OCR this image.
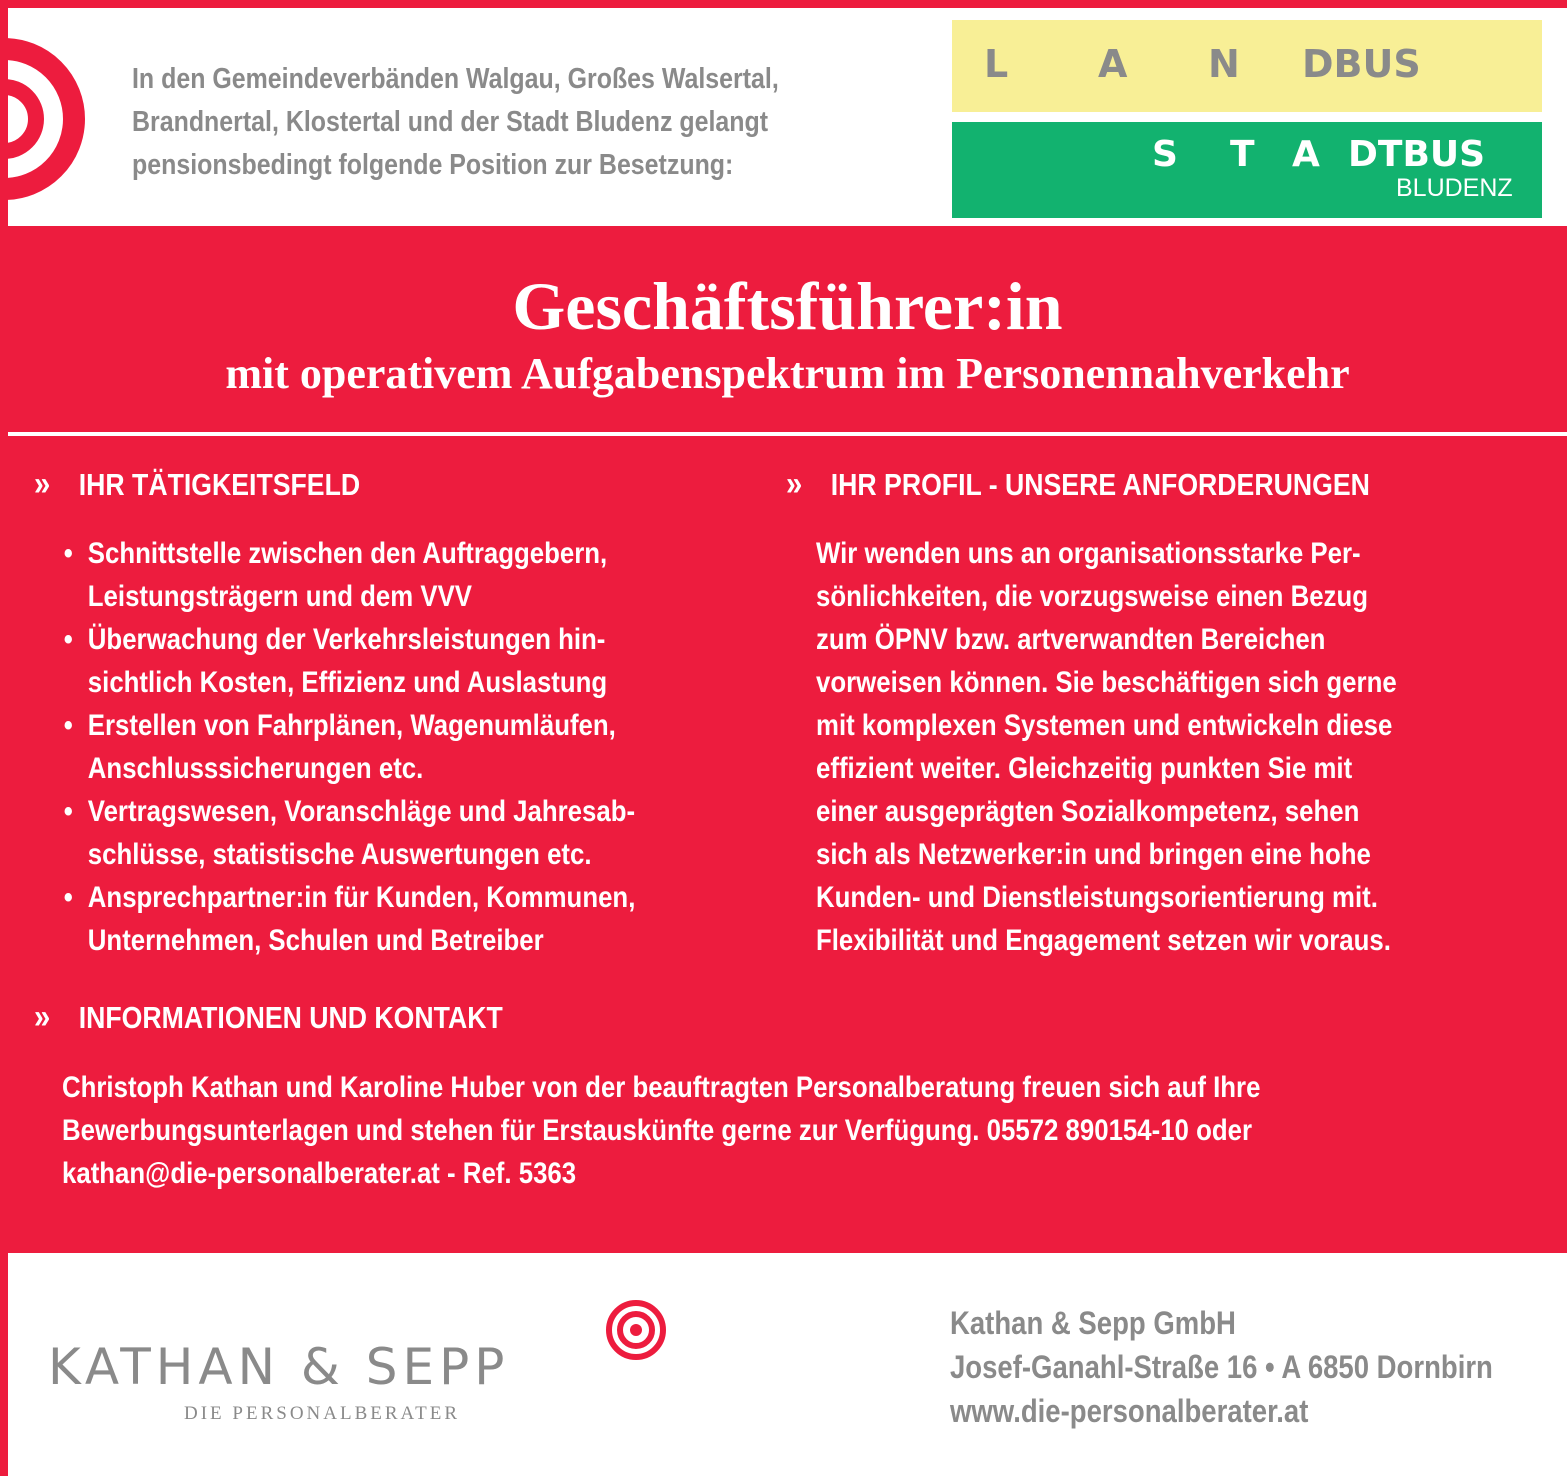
In den Gemeindeverbänden Walgau, Großes Walsertal,
Brandnertal, Klostertal und der Stadt Bludenz gelangt
pensionsbedingt folgende Position zur Besetzung:

L A N DBUS
S T A DTBUS
BLUDENZ
Geschäftsführer:in
mit operativem Aufgabenspektrum im Personennahverkehr
» IHR TÄTIGKEITSFELD
• Schnittstelle zwischen den Auftraggebern,
Leistungsträgern und dem VVV
• Überwachung der Verkehrsleistungen hin-
sichtlich Kosten, Effizienz und Auslastung
• Erstellen von Fahrplänen, Wagenumläufen,
Anschlusssicherungen etc.
• Vertragswesen, Voranschläge und Jahresab-
schlüsse, statistische Auswertungen etc.
• Ansprechpartner:in für Kunden, Kommunen,
Unternehmen, Schulen und Betreiber
» IHR PROFIL - UNSERE ANFORDERUNGEN

Wir wenden uns an organisationsstarke Per-
sönlichkeiten, die vorzugsweise einen Bezug
zum ÖPNV bzw. artverwandten Bereichen
vorweisen können. Sie beschäftigen sich gerne
mit komplexen Systemen und entwickeln diese
effizient weiter. Gleichzeitig punkten Sie mit
einer ausgeprägten Sozialkompetenz, sehen
sich als Netzwerker:in und bringen eine hohe
Kunden- und Dienstleistungsorientierung mit.
Flexibilität und Engagement setzen wir voraus.

» INFORMATIONEN UND KONTAKT

Christoph Kathan und Karoline Huber von der beauftragten Personalberatung freuen sich auf Ihre
Bewerbungsunterlagen und stehen für Erstauskünfte gerne zur Verfügung. 05572 890154-10 oder
kathan@die-personalberater.at - Ref. 5363

KATHAN & SEPP

DIE PERSONALBERATER

Kathan & Sepp GmbH
Josef-Ganahl-Straße 16 • A 6850 Dornbirn
www.die-personalberater.at
